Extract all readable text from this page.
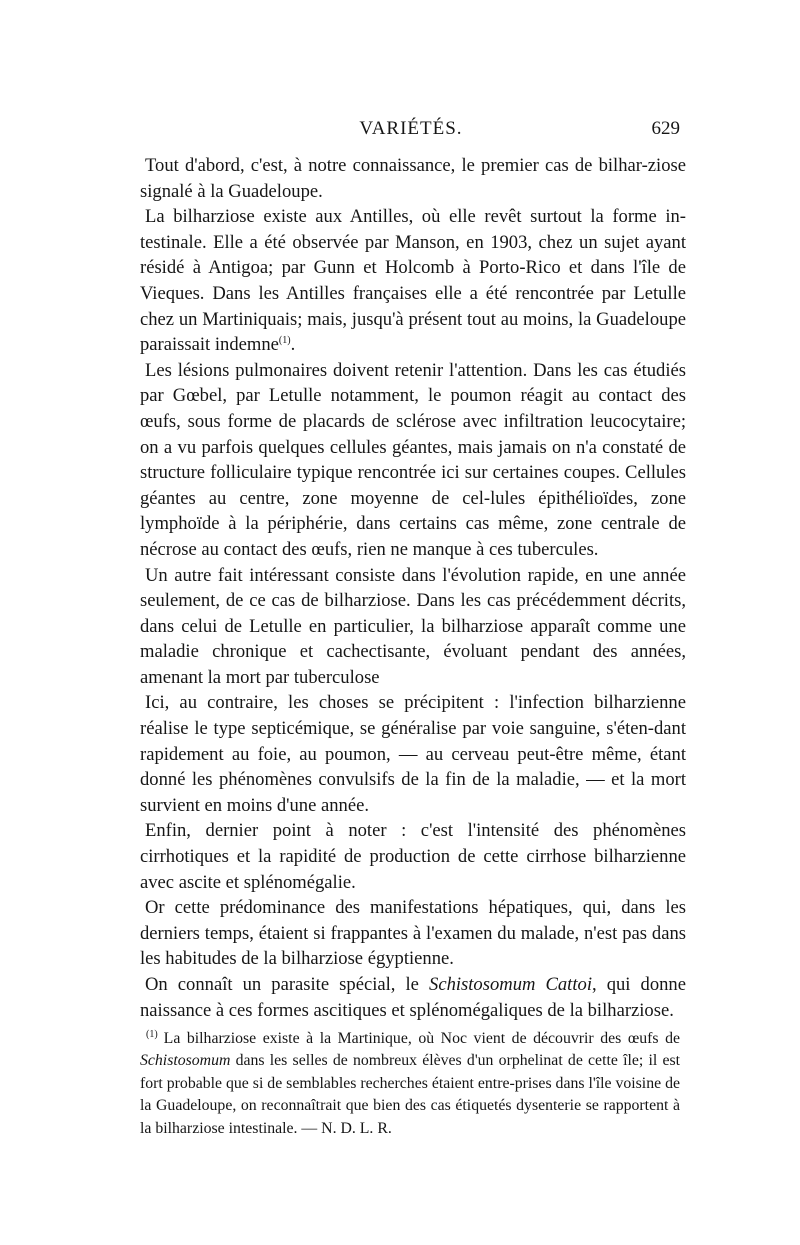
VARIÉTÉS.	629

Tout d'abord, c'est, à notre connaissance, le premier cas de bilhar-ziose signalé à la Guadeloupe.

La bilharziose existe aux Antilles, où elle revêt surtout la forme in-testinale. Elle a été observée par Manson, en 1903, chez un sujet ayant résidé à Antigoa; par Gunn et Holcomb à Porto-Rico et dans l'île de Vieques. Dans les Antilles françaises elle a été rencontrée par Letulle chez un Martiniquais; mais, jusqu'à présent tout au moins, la Guadeloupe paraissait indemne$^{(1)}$.

Les lésions pulmonaires doivent retenir l'attention. Dans les cas étudiés par Gœbel, par Letulle notamment, le poumon réagit au contact des œufs, sous forme de placards de sclérose avec infiltration leucocytaire; on a vu parfois quelques cellules géantes, mais jamais on n'a constaté de structure folliculaire typique rencontrée ici sur certaines coupes. Cellules géantes au centre, zone moyenne de cel-lules épithélioïdes, zone lymphoïde à la périphérie, dans certains cas même, zone centrale de nécrose au contact des œufs, rien ne manque à ces tubercules.

Un autre fait intéressant consiste dans l'évolution rapide, en une année seulement, de ce cas de bilharziose. Dans les cas précédemment décrits, dans celui de Letulle en particulier, la bilharziose apparaît comme une maladie chronique et cachectisante, évoluant pendant des années, amenant la mort par tuberculose

Ici, au contraire, les choses se précipitent : l'infection bilharzienne réalise le type septicémique, se généralise par voie sanguine, s'éten-dant rapidement au foie, au poumon, — au cerveau peut-être même, étant donné les phénomènes convulsifs de la fin de la maladie, — et la mort survient en moins d'une année.

Enfin, dernier point à noter : c'est l'intensité des phénomènes cirrhotiques et la rapidité de production de cette cirrhose bilharzienne avec ascite et splénomégalie.

Or cette prédominance des manifestations hépatiques, qui, dans les derniers temps, étaient si frappantes à l'examen du malade, n'est pas dans les habitudes de la bilharziose égyptienne.

On connaît un parasite spécial, le Schistosomum Cattoi, qui donne naissance à ces formes ascitiques et splénomégaliques de la bilharziose.

$^{(1)}$ La bilharziose existe à la Martinique, où Noc vient de découvrir des œufs de Schistosomum dans les selles de nombreux élèves d'un orphelinat de cette île; il est fort probable que si de semblables recherches étaient entre-prises dans l'île voisine de la Guadeloupe, on reconnaîtrait que bien des cas étiquetés dysenterie se rapportent à la bilharziose intestinale. — N. D. L. R.
